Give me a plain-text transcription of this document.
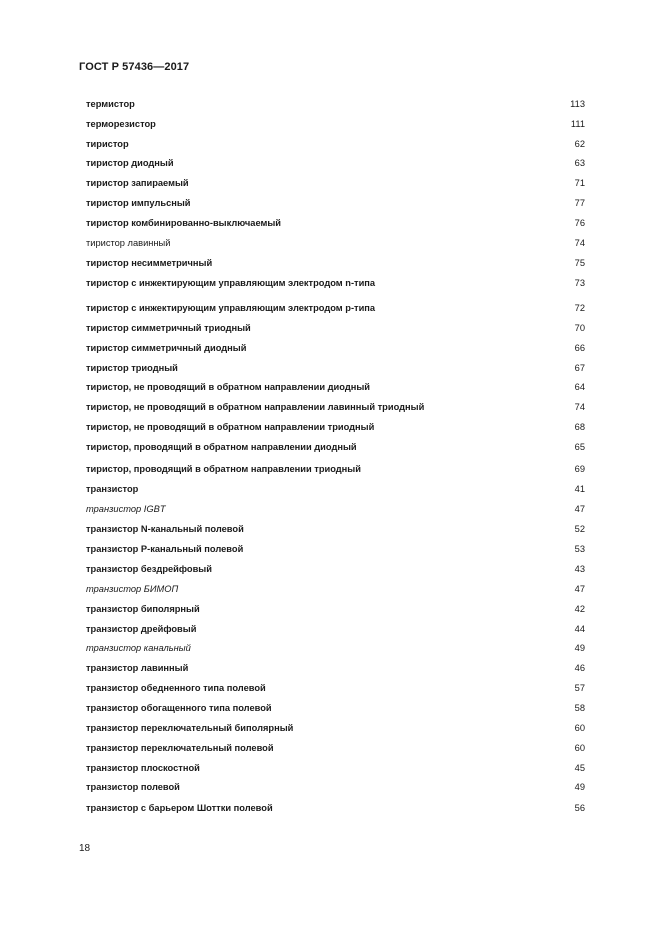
ГОСТ Р 57436—2017
термистор	113
терморезистор	111
тиристор	62
тиристор диодный	63
тиристор запираемый	71
тиристор импульсный	77
тиристор комбинированно-выключаемый	76
тиристор лавинный	74
тиристор несимметричный	75
тиристор с инжектирующим управляющим электродом n-типа	73
тиристор с инжектирующим управляющим электродом p-типа	72
тиристор симметричный триодный	70
тиристор симметричный диодный	66
тиристор триодный	67
тиристор, не проводящий в обратном направлении диодный	64
тиристор, не проводящий в обратном направлении лавинный триодный	74
тиристор, не проводящий в обратном направлении триодный	68
тиристор, проводящий в обратном направлении диодный	65
тиристор, проводящий в обратном направлении триодный	69
транзистор	41
транзистор IGBT	47
транзистор N-канальный полевой	52
транзистор P-канальный полевой	53
транзистор бездрейфовый	43
транзистор БИМОП	47
транзистор биполярный	42
транзистор дрейфовый	44
транзистор канальный	49
транзистор лавинный	46
транзистор обедненного типа полевой	57
транзистор обогащенного типа полевой	58
транзистор переключательный биполярный	60
транзистор переключательный полевой	60
транзистор плоскостной	45
транзистор полевой	49
транзистор с барьером Шоттки полевой	56
18
